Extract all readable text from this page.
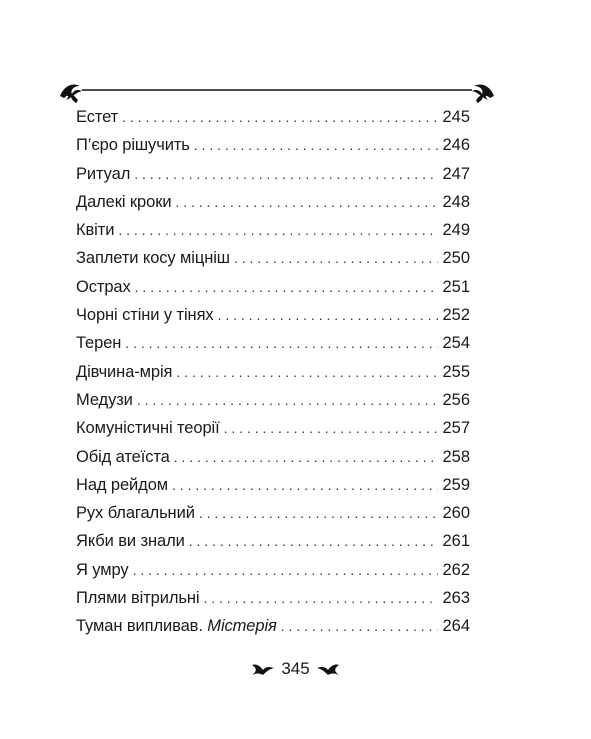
Естет . . .	245
П’єро рішучить . . .	246
Ритуал . . .	247
Далекі кроки . . .	248
Квіти . . .	249
Заплети косу міцніш . . .	250
Острах . . .	251
Чорні стіни у тінях . . .	252
Терен . . .	254
Дівчина-мрія . . .	255
Медузи . . .	256
Комуністичні теорії . . .	257
Обід атеїста . . .	258
Над рейдом . . .	259
Рух благальний . . .	260
Якби ви знали . . .	261
Я умру . . .	262
Плями вітрильні . . .	263
Туман випливав. Містерія . . .	264
345
